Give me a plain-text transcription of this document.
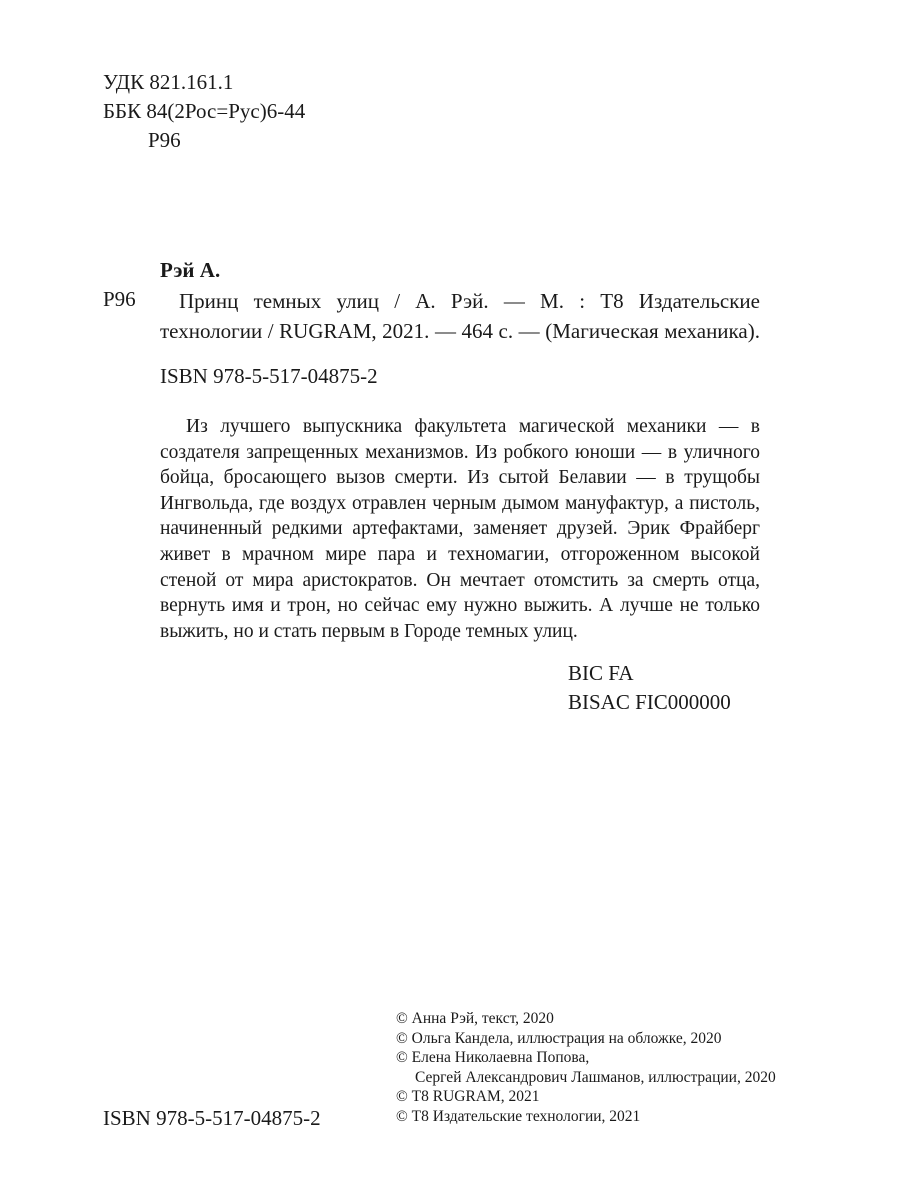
УДК 821.161.1
ББК 84(2Рос=Рус)6-44
Р96
Рэй А.
Р96	Принц темных улиц / А. Рэй. — М. : Т8 Издательские технологии / RUGRAM, 2021. — 464 с. — (Магическая механика).
ISBN 978-5-517-04875-2

Из лучшего выпускника факультета магической механики — в создателя запрещенных механизмов. Из робкого юноши — в уличного бойца, бросающего вызов смерти. Из сытой Белавии — в трущобы Ингвольда, где воздух отравлен черным дымом мануфактур, а пистоль, начиненный редкими артефактами, заменяет друзей. Эрик Фрайберг живет в мрачном мире пара и техномагии, отгороженном высокой стеной от мира аристократов. Он мечтает отомстить за смерть отца, вернуть имя и трон, но сейчас ему нужно выжить. А лучше не только выжить, но и стать первым в Городе темных улиц.

BIC FA
BISAC FIC000000
© Анна Рэй, текст, 2020
© Ольга Кандела, иллюстрация на обложке, 2020
© Елена Николаевна Попова,
Сергей Александрович Лашманов, иллюстрации, 2020
© Т8 RUGRAM, 2021
© Т8 Издательские технологии, 2021
ISBN 978-5-517-04875-2
